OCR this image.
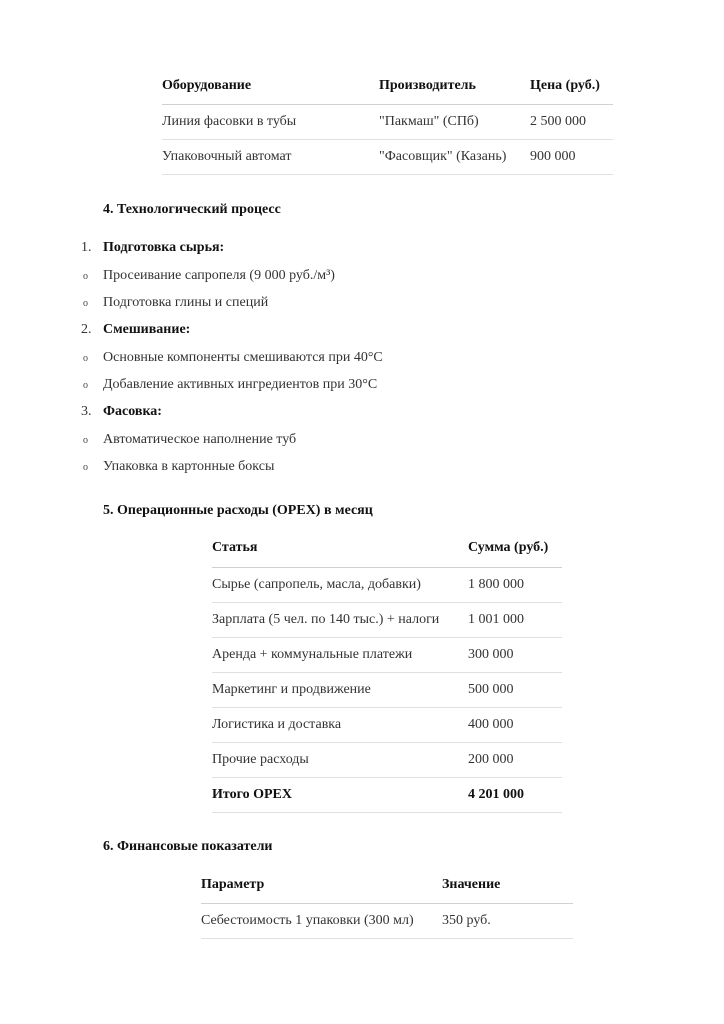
Оборудование	Производитель	Цена (руб.)
Линия фасовки в тубы	"Пакмаш" (СПб)	2 500 000
Упаковочный автомат	"Фасовщик" (Казань)	900 000
4. Технологический процесс
1. Подготовка сырья:
o Просеивание сапропеля (9 000 руб./м³)
o Подготовка глины и специй
2. Смешивание:
o Основные компоненты смешиваются при 40°C
o Добавление активных ингредиентов при 30°C
3. Фасовка:
o Автоматическое наполнение туб
o Упаковка в картонные боксы
5. Операционные расходы (OPEX) в месяц
Статья	Сумма (руб.)
Сырье (сапропель, масла, добавки)	1 800 000
Зарплата (5 чел. по 140 тыс.) + налоги	1 001 000
Аренда + коммунальные платежи	300 000
Маркетинг и продвижение	500 000
Логистика и доставка	400 000
Прочие расходы	200 000
Итого OPEX	4 201 000
6. Финансовые показатели
Параметр	Значение
Себестоимость 1 упаковки (300 мл)	350 руб.
